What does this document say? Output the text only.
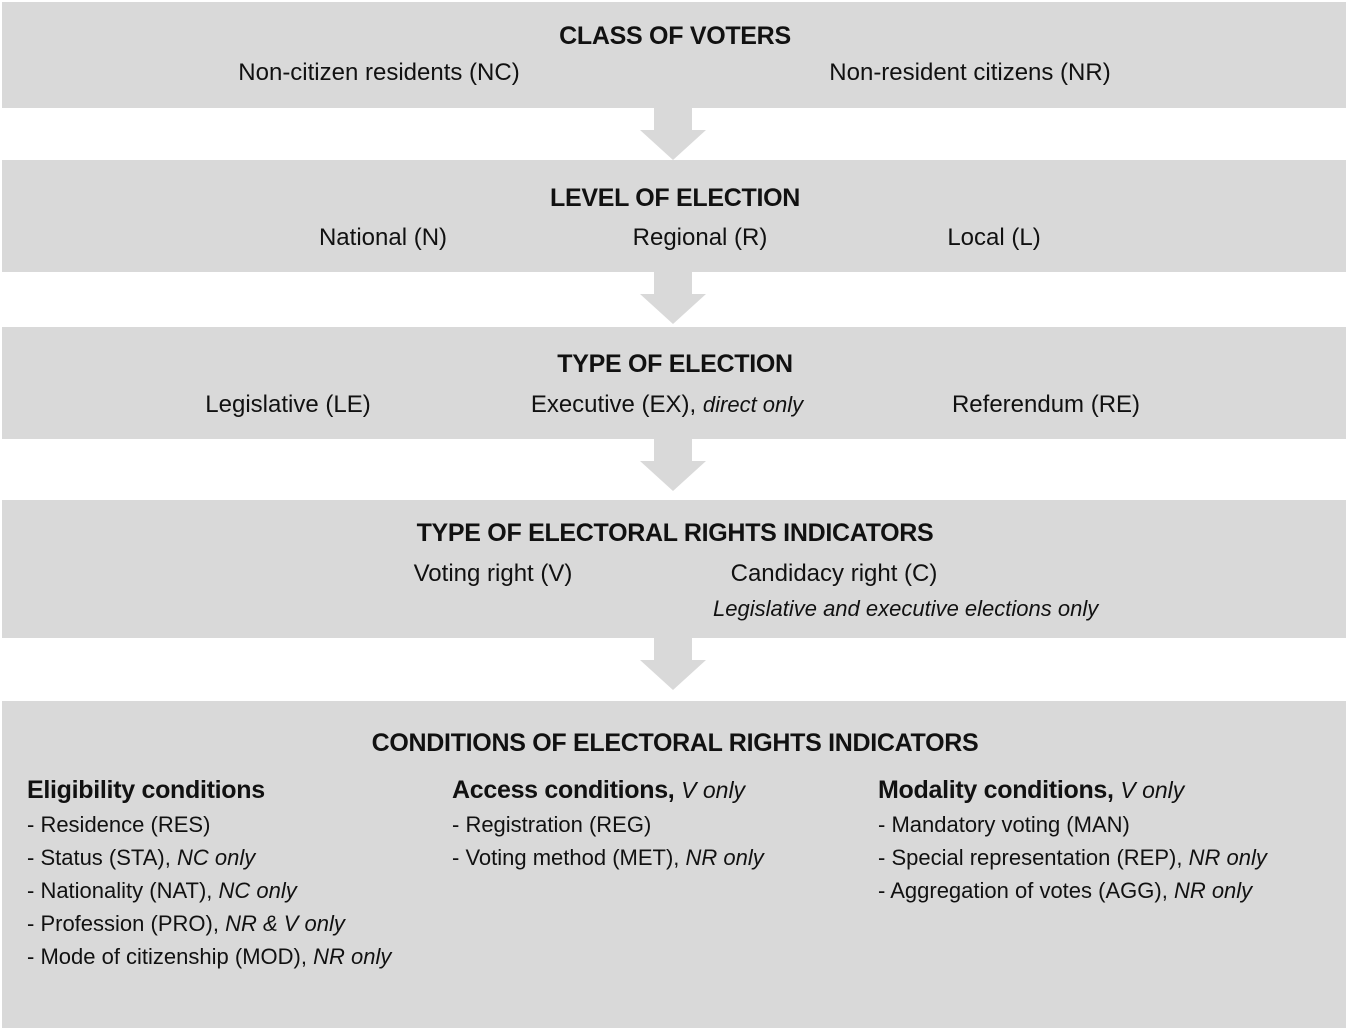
CLASS OF VOTERS
Non-citizen residents (NC)	Non-resident citizens (NR)
LEVEL OF ELECTION
National (N)	Regional (R)	Local (L)
TYPE OF ELECTION
Legislative (LE)	Executive (EX), direct only	Referendum (RE)
TYPE OF ELECTORAL RIGHTS INDICATORS
Voting right (V)	Candidacy right (C)
Legislative and executive elections only
CONDITIONS OF ELECTORAL RIGHTS INDICATORS
Eligibility conditions
- Residence (RES)
- Status (STA), NC only
- Nationality (NAT), NC only
- Profession (PRO), NR & V only
- Mode of citizenship (MOD), NR only
Access conditions, V only
- Registration (REG)
- Voting method (MET), NR only
Modality conditions, V only
- Mandatory voting (MAN)
- Special representation (REP), NR only
- Aggregation of votes (AGG), NR only
